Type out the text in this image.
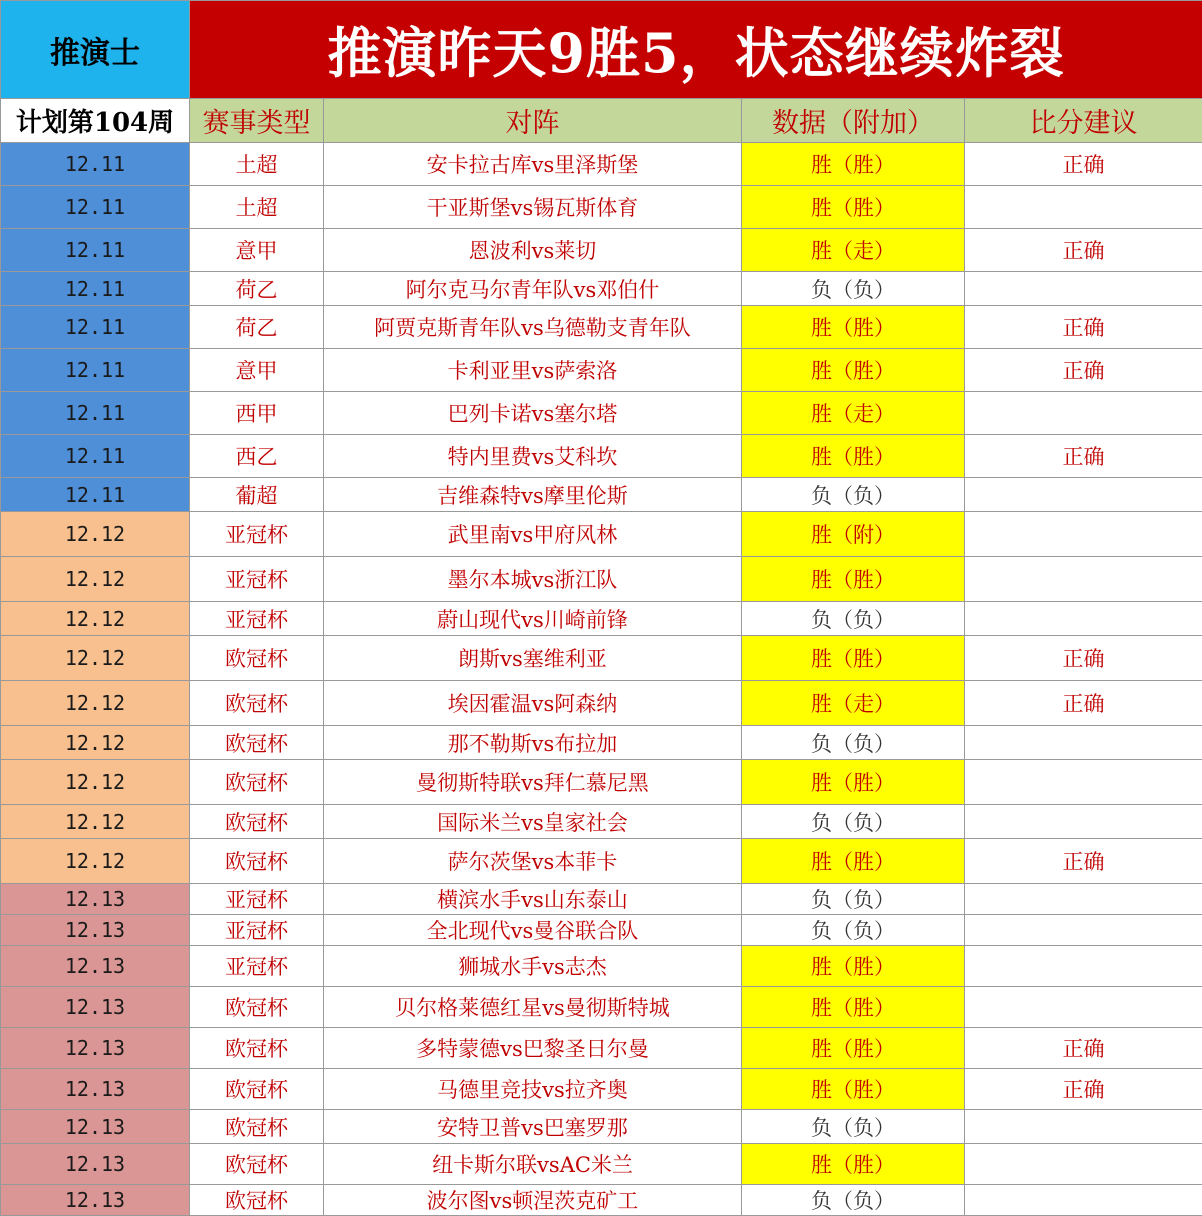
推演士	推演昨天9胜5，状态继续炸裂			
计划第104周	赛事类型	对阵	数据（附加）	比分建议
12.11	土超	安卡拉古库vs里泽斯堡	胜（胜）	正确
12.11	土超	干亚斯堡vs锡瓦斯体育	胜（胜）	
12.11	意甲	恩波利vs莱切	胜（走）	正确
12.11	荷乙	阿尔克马尔青年队vs邓伯什	负（负）	
12.11	荷乙	阿贾克斯青年队vs乌德勒支青年队	胜（胜）	正确
12.11	意甲	卡利亚里vs萨索洛	胜（胜）	正确
12.11	西甲	巴列卡诺vs塞尔塔	胜（走）	
12.11	西乙	特内里费vs艾科坎	胜（胜）	正确
12.11	葡超	吉维森特vs摩里伦斯	负（负）	
12.12	亚冠杯	武里南vs甲府风林	胜（附）	
12.12	亚冠杯	墨尔本城vs浙江队	胜（胜）	
12.12	亚冠杯	蔚山现代vs川崎前锋	负（负）	
12.12	欧冠杯	朗斯vs塞维利亚	胜（胜）	正确
12.12	欧冠杯	埃因霍温vs阿森纳	胜（走）	正确
12.12	欧冠杯	那不勒斯vs布拉加	负（负）	
12.12	欧冠杯	曼彻斯特联vs拜仁慕尼黑	胜（胜）	
12.12	欧冠杯	国际米兰vs皇家社会	负（负）	
12.12	欧冠杯	萨尔茨堡vs本菲卡	胜（胜）	正确
12.13	亚冠杯	横滨水手vs山东泰山	负（负）	
12.13	亚冠杯	全北现代vs曼谷联合队	负（负）	
12.13	亚冠杯	狮城水手vs志杰	胜（胜）	
12.13	欧冠杯	贝尔格莱德红星vs曼彻斯特城	胜（胜）	
12.13	欧冠杯	多特蒙德vs巴黎圣日尔曼	胜（胜）	正确
12.13	欧冠杯	马德里竞技vs拉齐奥	胜（胜）	正确
12.13	欧冠杯	安特卫普vs巴塞罗那	负（负）	
12.13	欧冠杯	纽卡斯尔联vsAC米兰	胜（胜）	
12.13	欧冠杯	波尔图vs顿涅茨克矿工	负（负）	
